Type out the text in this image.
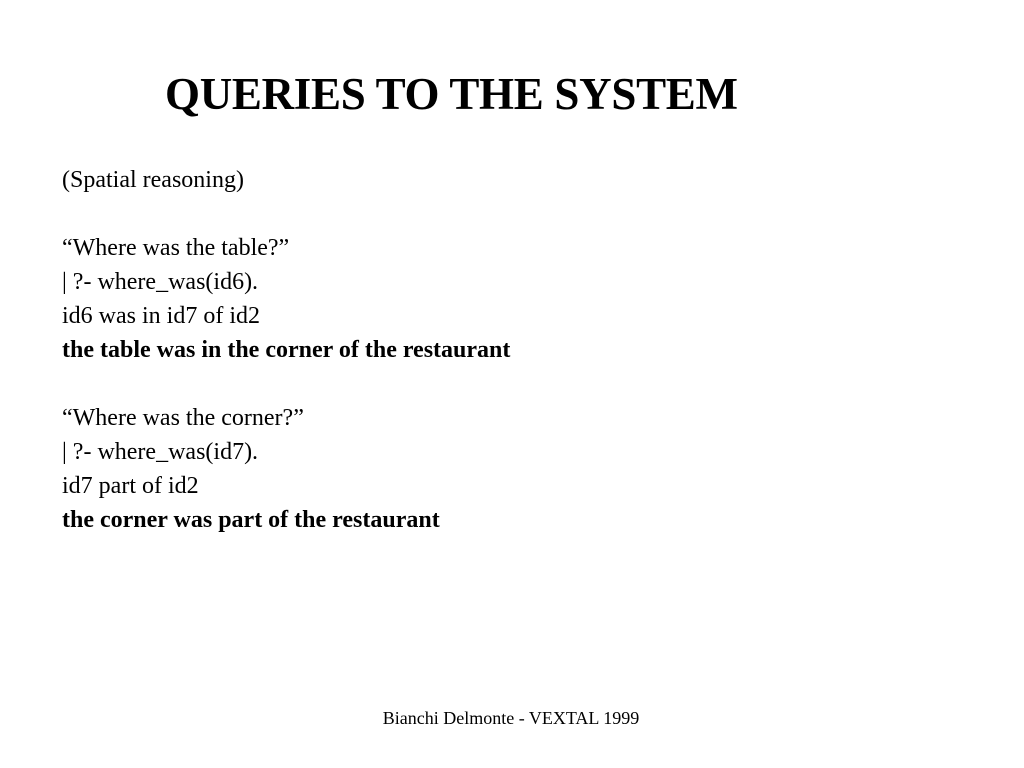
QUERIES TO THE SYSTEM
(Spatial reasoning)
“Where was the table?”
| ?- where_was(id6).
id6 was in id7 of id2
the table was in the corner of the restaurant
“Where was the corner?”
| ?- where_was(id7).
id7 part of id2
the corner was part of the restaurant
Bianchi Delmonte - VEXTAL 1999
